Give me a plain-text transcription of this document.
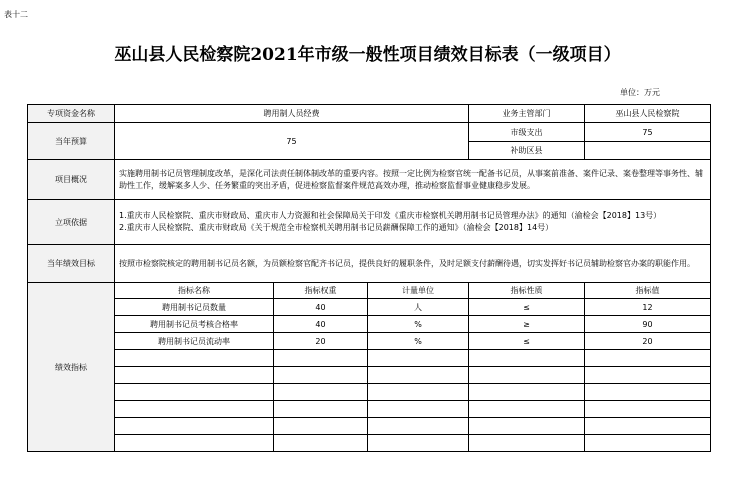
表十二
巫山县人民检察院2021年市级一般性项目绩效目标表（一级项目）
单位：万元
专项资金名称	聘用制人员经费			业务主管部门	巫山县人民检察院
当年预算	75			市级支出	75
				补助区县	
项目概况	实施聘用制书记员管理制度改革，是深化司法责任制体制改革的重要内容。按照一定比例为检察官统一配备书记员，从事案前准备、案件记录、案卷整理等事务性、辅助性工作，缓解案多人少、任务繁重的突出矛盾，促进检察监督案件规范高效办理，推动检察监督事业健康稳步发展。				
立项依据	1.重庆市人民检察院、重庆市财政局、重庆市人力资源和社会保障局关于印发《重庆市检察机关聘用制书记员管理办法》的通知（渝检会【2018】13号）
2.重庆市人民检察院、重庆市财政局《关于规范全市检察机关聘用制书记员薪酬保障工作的通知》（渝检会【2018】14号）				

当年绩效目标	按照市检察院核定的聘用制书记员名额，为员额检察官配齐书记员，提供良好的履职条件，及时足额支付薪酬待遇，切实发挥好书记员辅助检察官办案的职能作用。				
绩效指标	指标名称	指标权重	计量单位	指标性质	指标值
	聘用制书记员数量	40	人	≤	12
	聘用制书记员考核合格率	40	%	≥	90
	聘用制书记员流动率	20	%	≤	20
